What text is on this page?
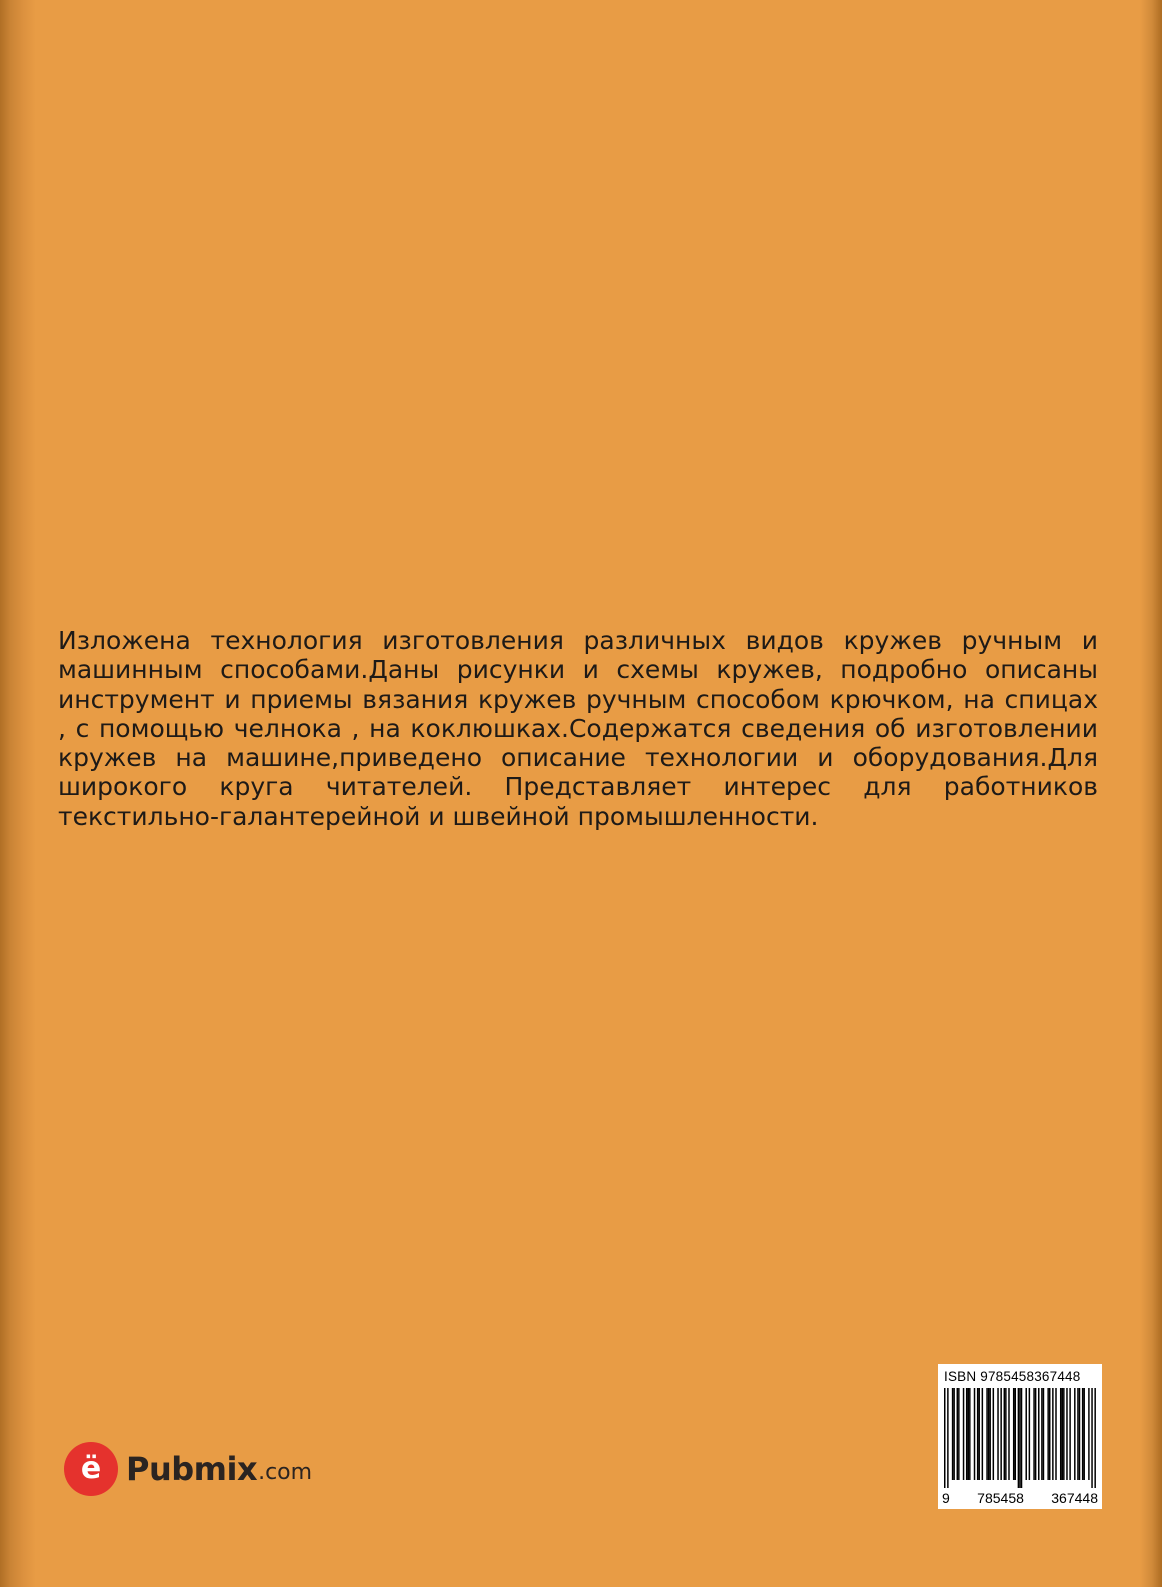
Изложена технология изготовления различных видов кружев ручным и машинным способами.Даны рисунки и схемы кружев, подробно описаны инструмент и приемы вязания кружев ручным способом крючком, на спицах , с помощью челнока , на коклюшках.Содержатся сведения об изготовлении кружев на машине,приведено описание технологии и оборудования.Для широкого круга читателей. Представляет интерес для работников текстильно-галантерейной и швейной промышленности.

ё Pubmix .com
ISBN 9785458367448
9 785458 367448
